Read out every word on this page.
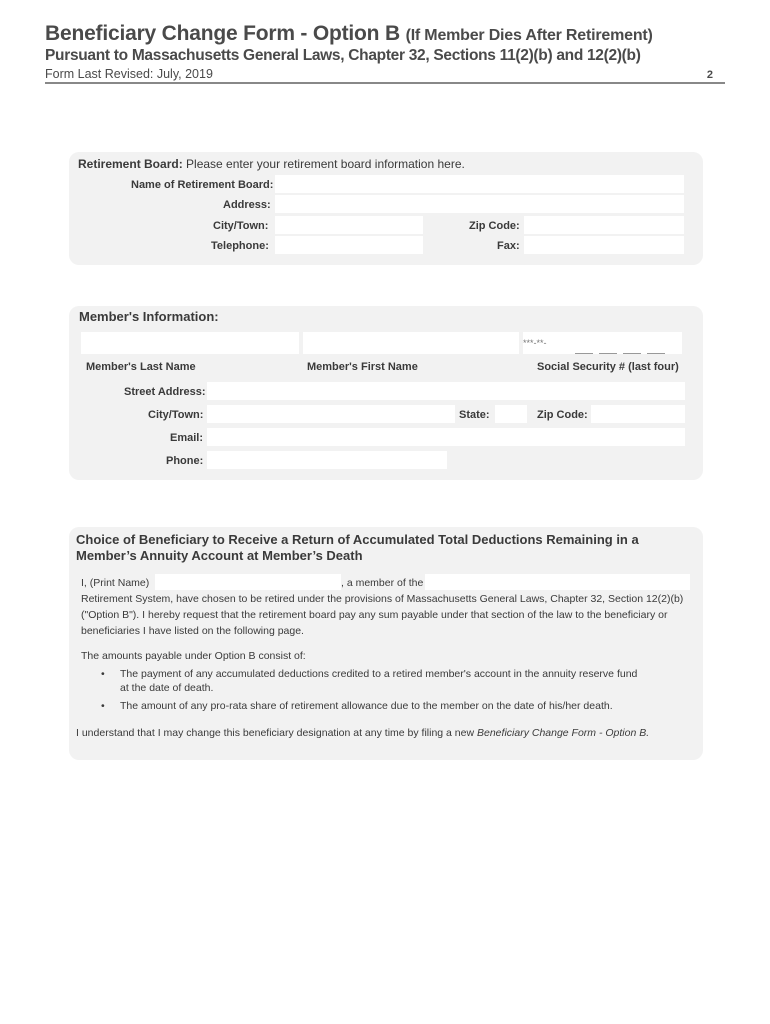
Beneficiary Change Form - Option B (If Member Dies After Retirement)
Pursuant to Massachusetts General Laws, Chapter 32, Sections 11(2)(b) and 12(2)(b)
Form Last Revised: July, 2019	2
Retirement Board: Please enter your retirement board information here.
Name of Retirement Board:
Address:
City/Town:	Zip Code:
Telephone:	Fax:
Member's Information:
***-**-
Member's Last Name	Member's First Name	Social Security # (last four)
Street Address:
City/Town:	State:	Zip Code:
Email:
Phone:
Choice of Beneficiary to Receive a Return of Accumulated Total Deductions Remaining in a
Member’s Annuity Account at Member’s Death
I, (Print Name)	, a member of the
Retirement System, have chosen to be retired under the provisions of Massachusetts General Laws, Chapter 32, Section 12(2)(b)
("Option B"). I hereby request that the retirement board pay any sum payable under that section of the law to the beneficiary or
beneficiaries I have listed on the following page.
The amounts payable under Option B consist of:
• The payment of any accumulated deductions credited to a retired member's account in the annuity reserve fund
at the date of death.
• The amount of any pro-rata share of retirement allowance due to the member on the date of his/her death.
I understand that I may change this beneficiary designation at any time by filing a new Beneficiary Change Form - Option B.
